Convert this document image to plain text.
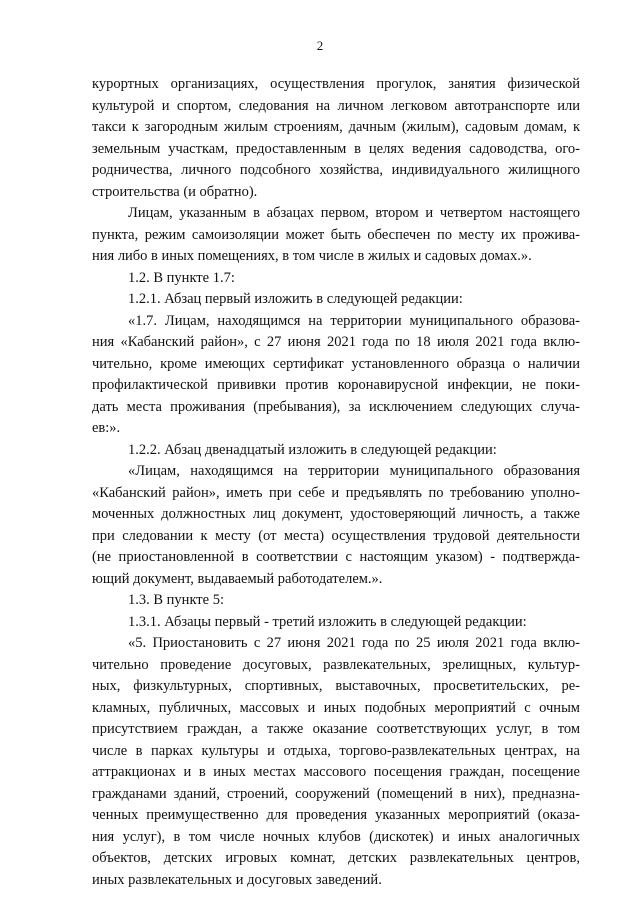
2
курортных организациях, осуществления прогулок, занятия физической
культурой и спортом, следования на личном легковом автотранспорте или
такси к загородным жилым строениям, дачным (жилым), садовым домам, к
земельным участкам, предоставленным в целях ведения садоводства, ого-
родничества, личного подсобного хозяйства, индивидуального жилищного
строительства (и обратно).
Лицам, указанным в абзацах первом, втором и четвертом настоящего
пункта, режим самоизоляции может быть обеспечен по месту их прожива-
ния либо в иных помещениях, в том числе в жилых и садовых домах.».
1.2. В пункте 1.7:
1.2.1. Абзац первый изложить в следующей редакции:
«1.7. Лицам, находящимся на территории муниципального образова-
ния «Кабанский район», с 27 июня 2021 года по 18 июля 2021 года вклю-
чительно, кроме имеющих сертификат установленного образца о наличии
профилактической прививки против коронавирусной инфекции, не поки-
дать места проживания (пребывания), за исключением следующих случа-
ев:».
1.2.2. Абзац двенадцатый изложить в следующей редакции:
«Лицам, находящимся на территории муниципального образования
«Кабанский район», иметь при себе и предъявлять по требованию уполно-
моченных должностных лиц документ, удостоверяющий личность, а также
при следовании к месту (от места) осуществления трудовой деятельности
(не приостановленной в соответствии с настоящим указом) - подтвержда-
ющий документ, выдаваемый работодателем.».
1.3. В пункте 5:
1.3.1. Абзацы первый - третий изложить в следующей редакции:
«5. Приостановить с 27 июня 2021 года по 25 июля 2021 года вклю-
чительно проведение досуговых, развлекательных, зрелищных, культур-
ных, физкультурных, спортивных, выставочных, просветительских, ре-
кламных, публичных, массовых и иных подобных мероприятий с очным
присутствием граждан, а также оказание соответствующих услуг, в том
числе в парках культуры и отдыха, торгово-развлекательных центрах, на
аттракционах и в иных местах массового посещения граждан, посещение
гражданами зданий, строений, сооружений (помещений в них), предназна-
ченных преимущественно для проведения указанных мероприятий (оказа-
ния услуг), в том числе ночных клубов (дискотек) и иных аналогичных
объектов, детских игровых комнат, детских развлекательных центров,
иных развлекательных и досуговых заведений.
